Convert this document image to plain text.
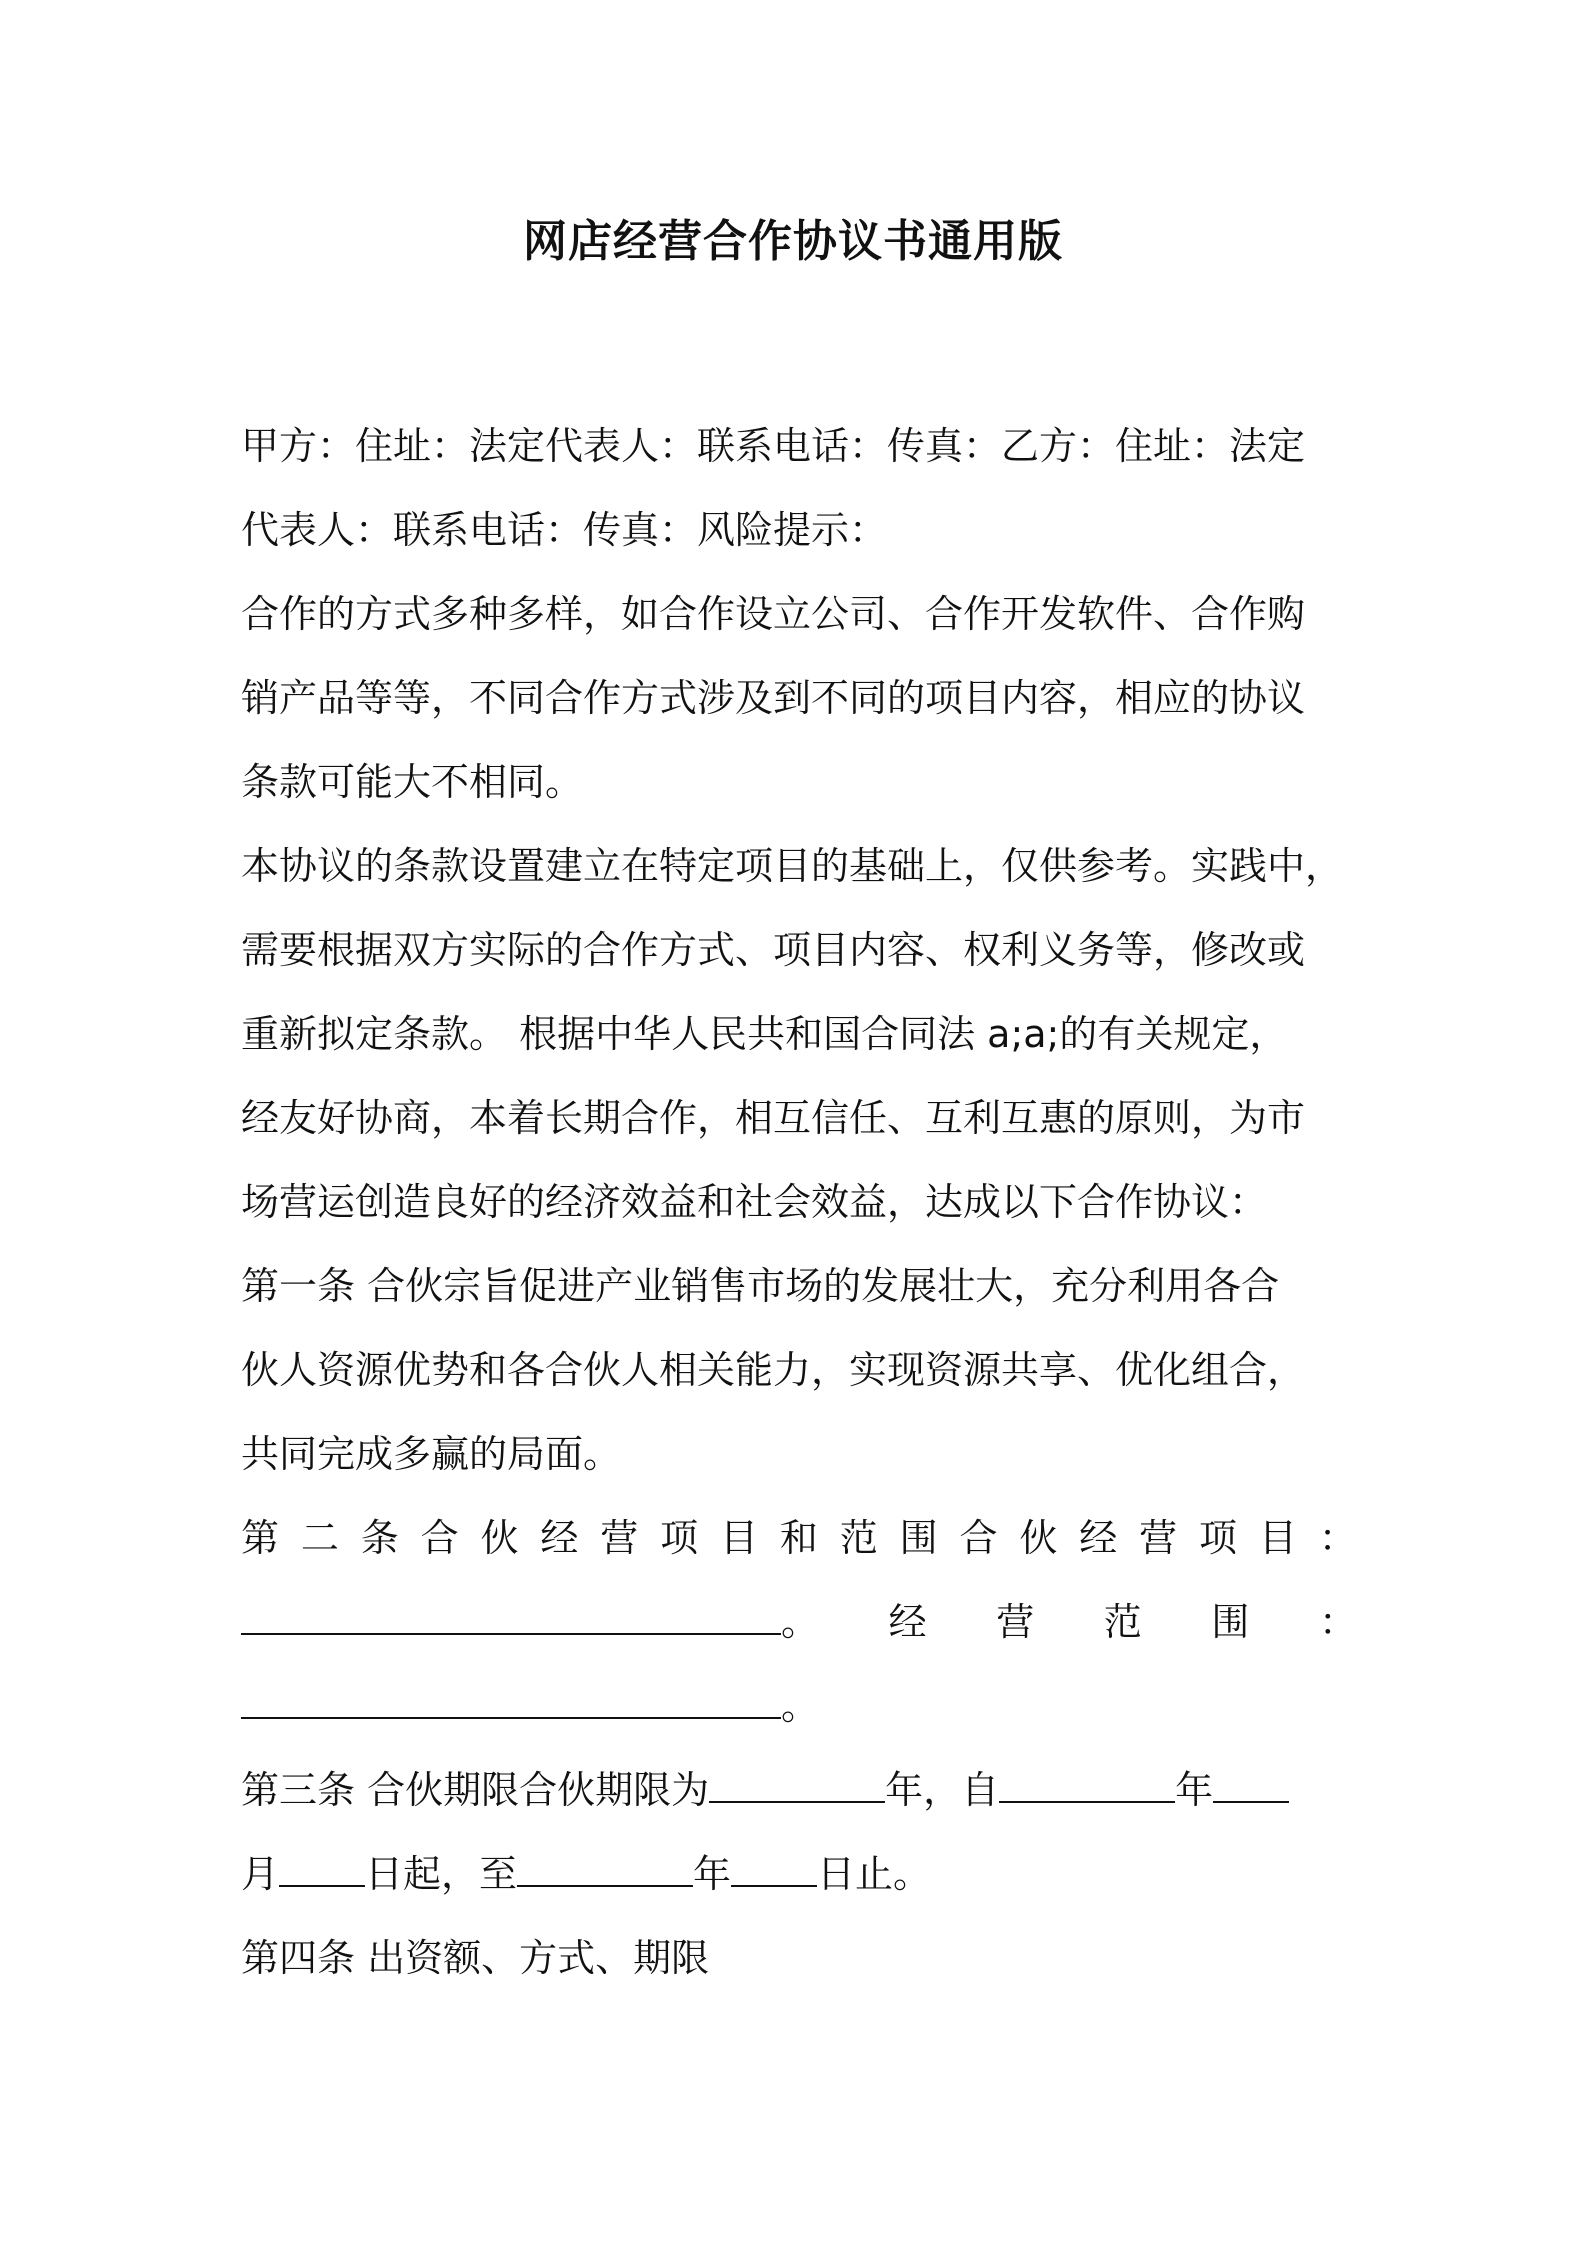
网店经营合作协议书通用版
甲方：住址：法定代表人：联系电话：传真：乙方：住址：法定
代表人：联系电话：传真：风险提示：
合作的方式多种多样，如合作设立公司、合作开发软件、合作购
销产品等等，不同合作方式涉及到不同的项目内容，相应的协议
条款可能大不相同。
本协议的条款设置建立在特定项目的基础上，仅供参考。实践中，
需要根据双方实际的合作方式、项目内容、权利义务等，修改或
重新拟定条款。 根据中华人民共和国合同法 a;a;的有关规定，
经友好协商，本着长期合作，相互信任、互利互惠的原则，为市
场营运创造良好的经济效益和社会效益，达成以下合作协议：
第一条 合伙宗旨促进产业销售市场的发展壮大，充分利用各合
伙人资源优势和各合伙人相关能力，实现资源共享、优化组合，
共同完成多赢的局面。
第 二 条 合 伙 经 营 项 目 和 范 围 合 伙 经 营 项 目 ：
。 经 营 范 围 ：
。
第三条 合伙期限合伙期限为	年，自	年
月 日起，至	年 日止。
第四条 出资额、方式、期限
